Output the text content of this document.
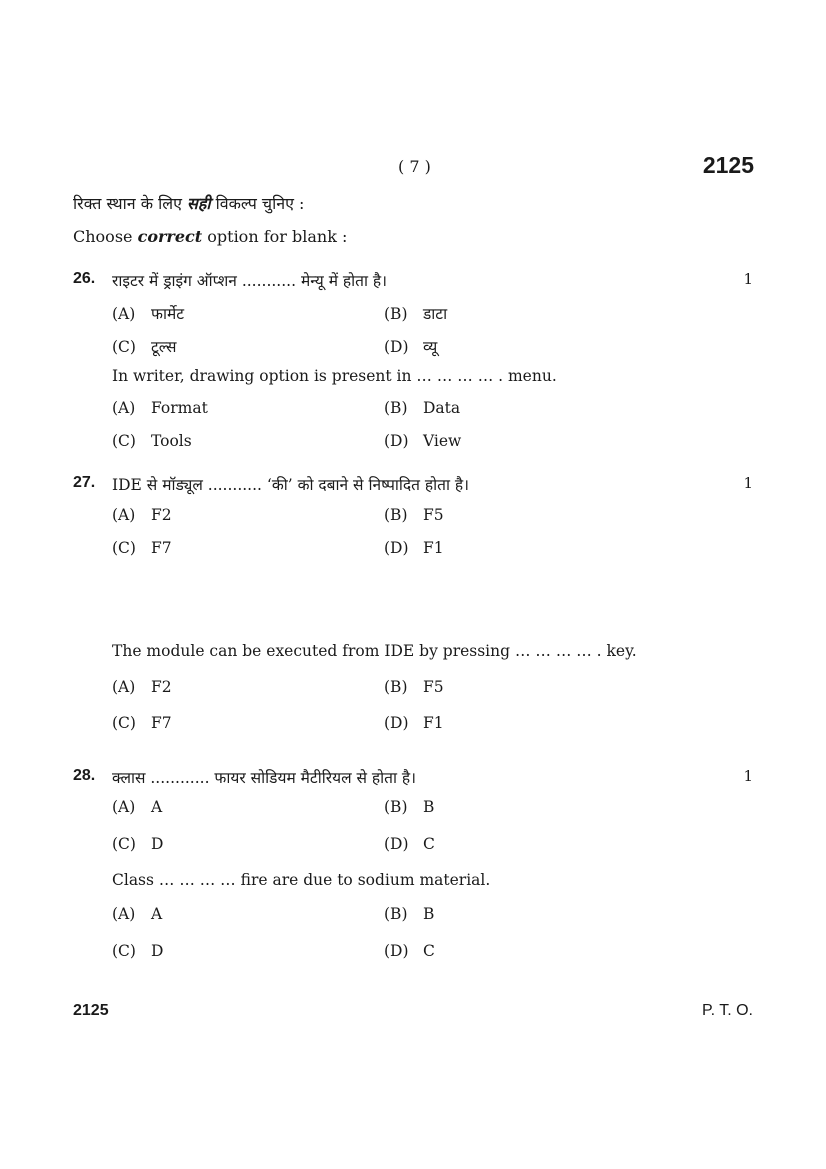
( 7 )	2125
रिक्त स्थान के लिए सही विकल्प चुनिए :
Choose correct option for blank :
26. राइटर में ड्राइंग ऑप्शन ........... मेन्यू में होता है।	1
(A) फार्मेट	(B) डाटा
(C) टूल्स	(D) व्यू
In writer, drawing option is present in … … … … . menu.
(A) Format	(B) Data
(C) Tools	(D) View
27. IDE से मॉड्यूल ........... ‘की’ को दबाने से निष्पादित होता है।	1
(A) F2	(B) F5
(C) F7	(D) F1
The module can be executed from IDE by pressing … … … … . key.
(A) F2	(B) F5
(C) F7	(D) F1
28. क्लास ............ फायर सोडियम मैटीरियल से होता है।	1
(A) A	(B) B
(C) D	(D) C
Class … … … … fire are due to sodium material.
(A) A	(B) B
(C) D	(D) C
2125	P. T. O.
